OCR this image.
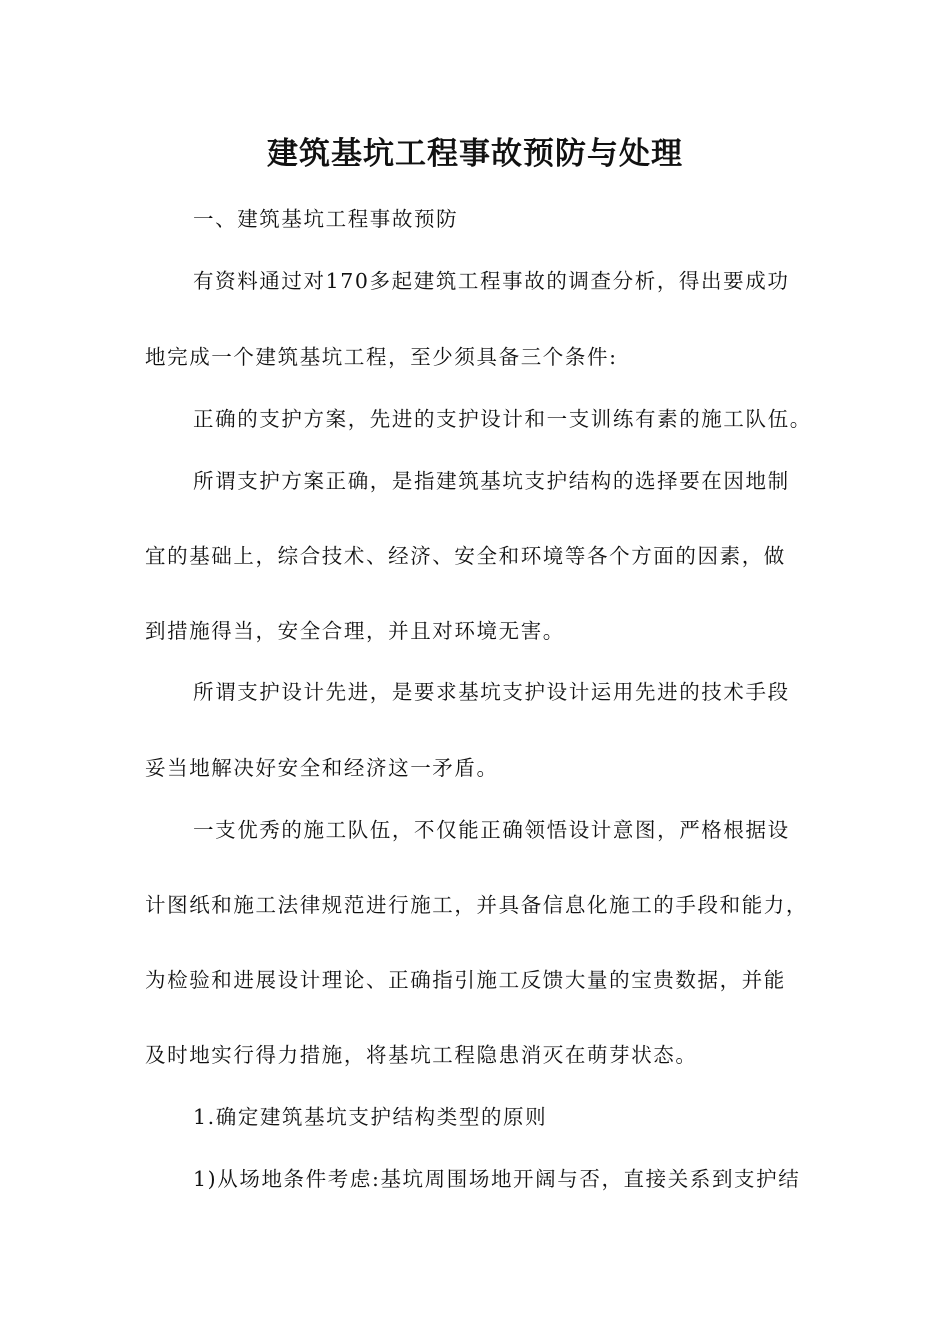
建筑基坑工程事故预防与处理
一、建筑基坑工程事故预防
有资料通过对170多起建筑工程事故的调查分析，得出要成功
地完成一个建筑基坑工程，至少须具备三个条件:
正确的支护方案，先进的支护设计和一支训练有素的施工队伍。
所谓支护方案正确，是指建筑基坑支护结构的选择要在因地制
宜的基础上，综合技术、经济、安全和环境等各个方面的因素，做
到措施得当，安全合理，并且对环境无害。
所谓支护设计先进，是要求基坑支护设计运用先进的技术手段
妥当地解决好安全和经济这一矛盾。
一支优秀的施工队伍，不仅能正确领悟设计意图，严格根据设
计图纸和施工法律规范进行施工，并具备信息化施工的手段和能力，
为检验和进展设计理论、正确指引施工反馈大量的宝贵数据，并能
及时地实行得力措施，将基坑工程隐患消灭在萌芽状态。
1.确定建筑基坑支护结构类型的原则
1)从场地条件考虑:基坑周围场地开阔与否，直接关系到支护结
